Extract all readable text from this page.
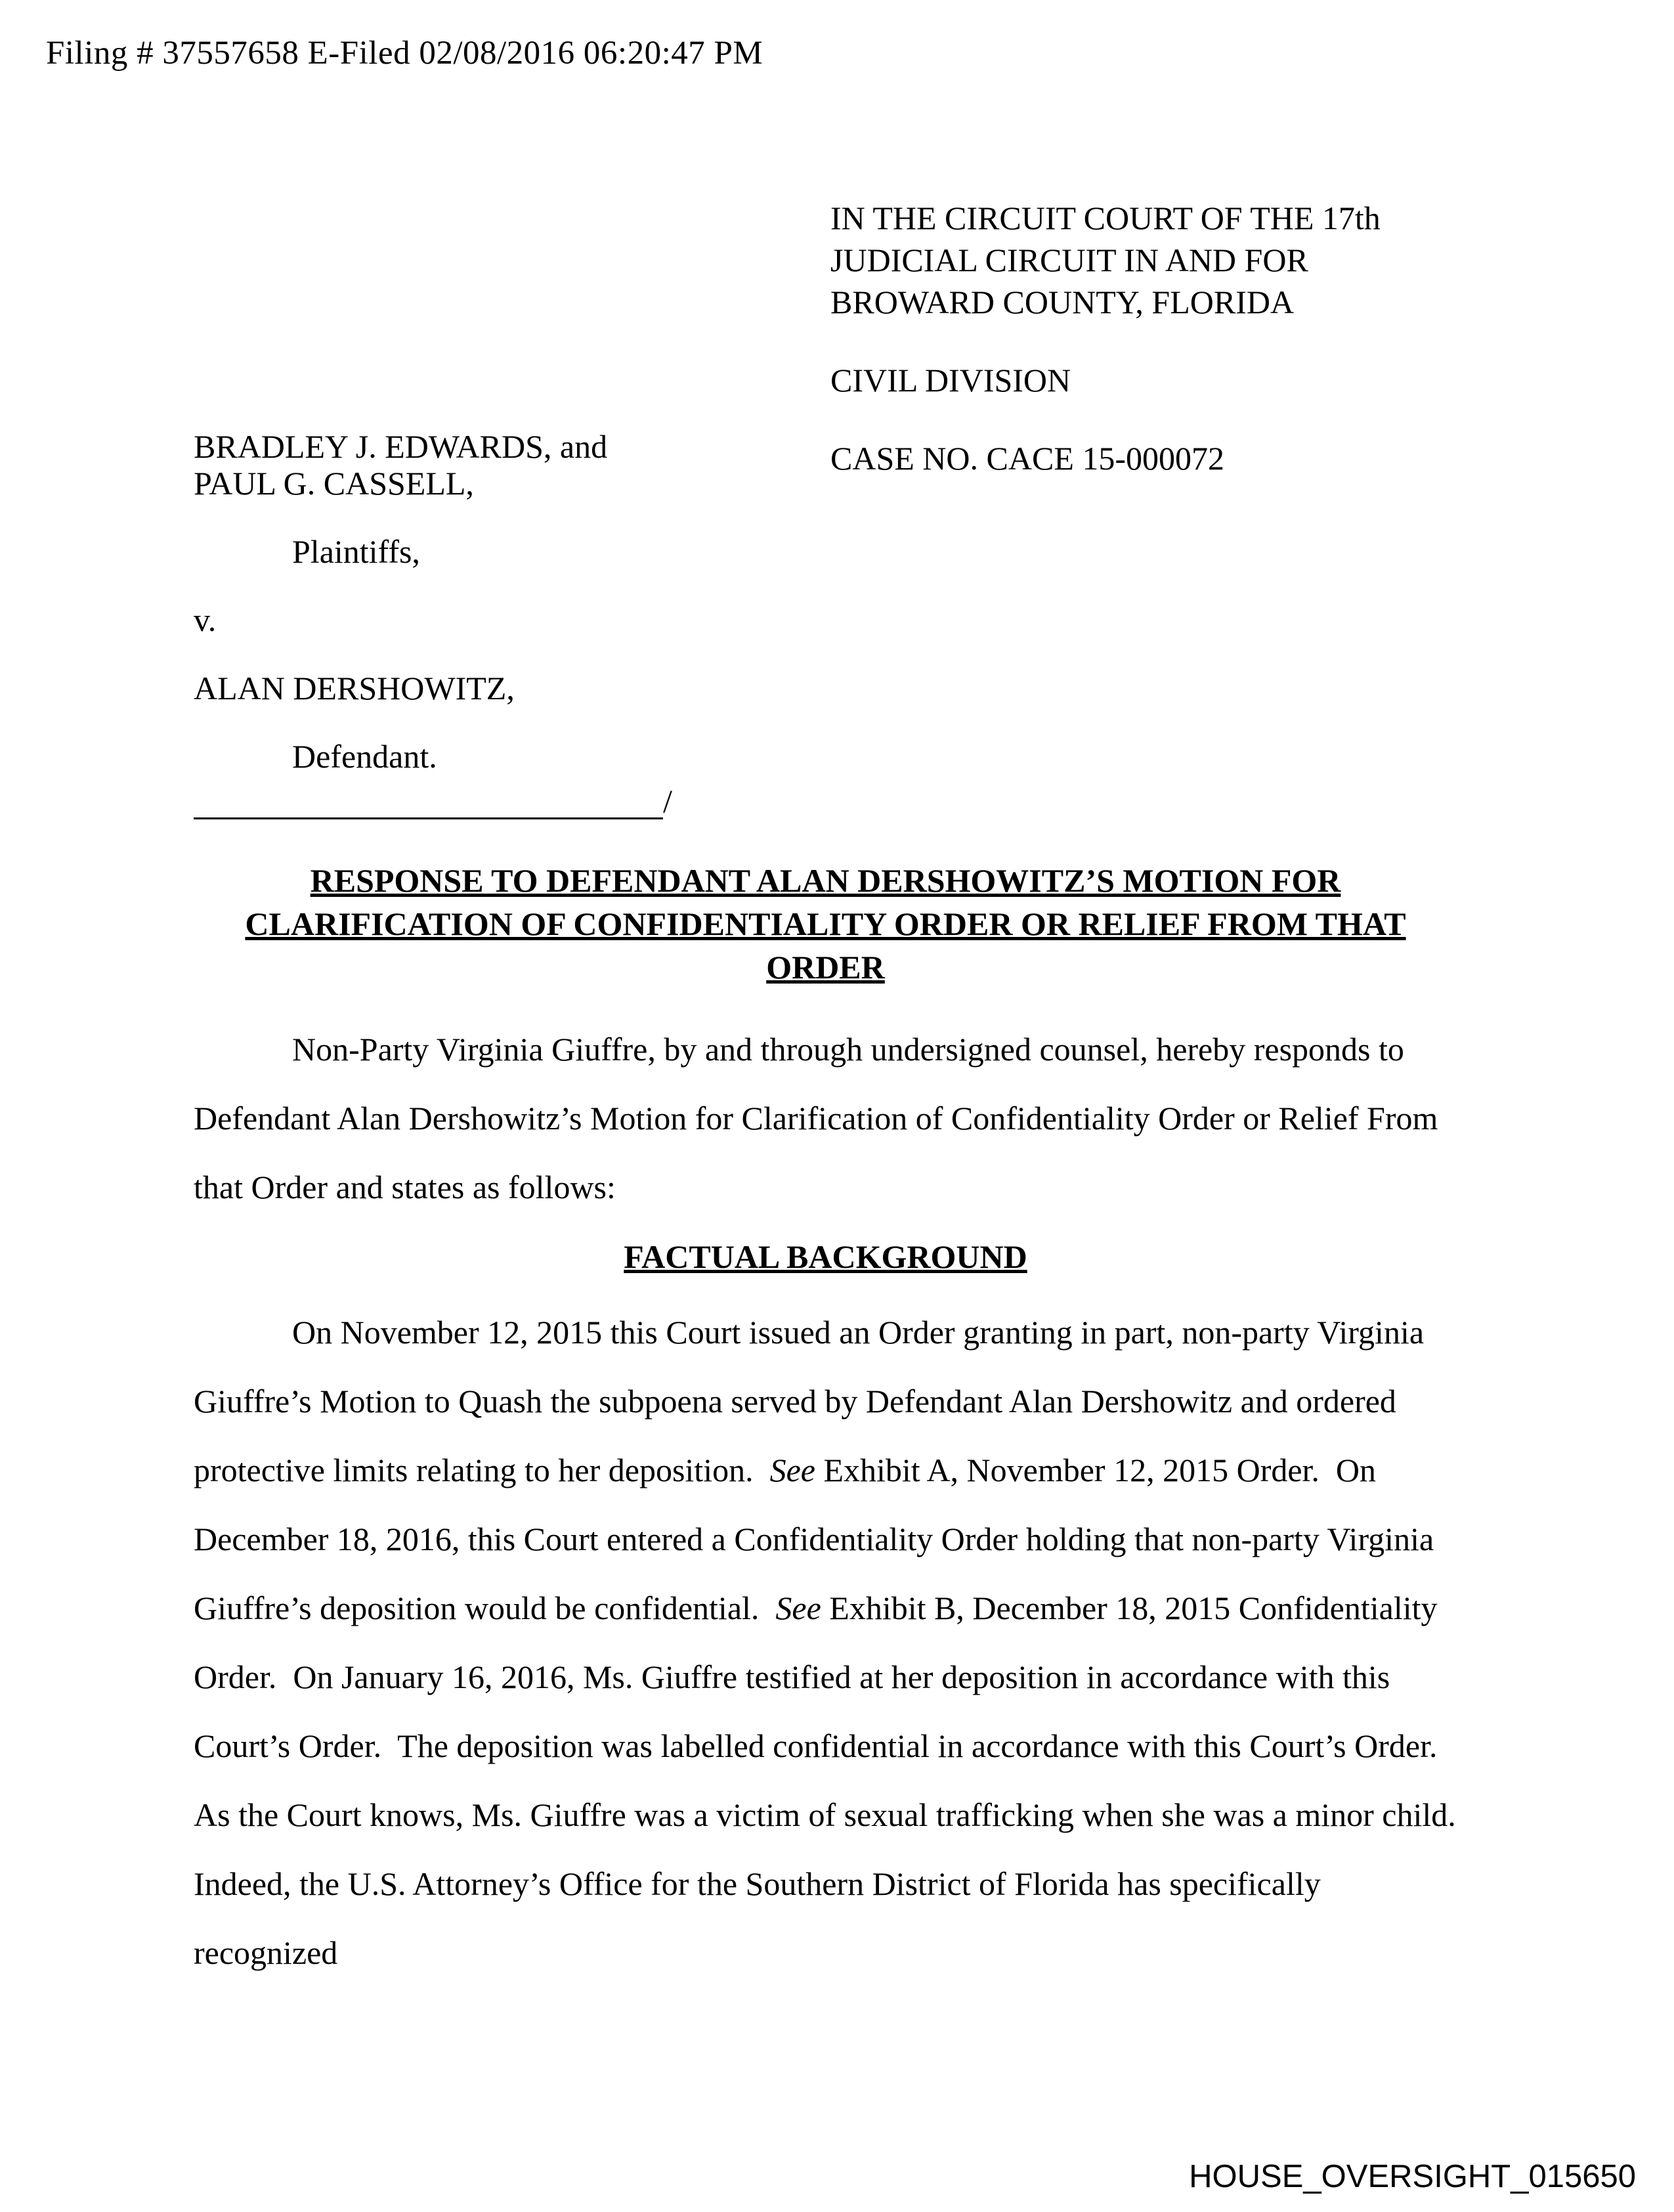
Filing # 37557658 E-Filed 02/08/2016 06:20:47 PM
BRADLEY J. EDWARDS, and
PAUL G. CASSELL,
Plaintiffs,
v.
ALAN DERSHOWITZ,
Defendant.
/
IN THE CIRCUIT COURT OF THE 17th
JUDICIAL CIRCUIT IN AND FOR
BROWARD COUNTY, FLORIDA
CIVIL DIVISION
CASE NO. CACE 15-000072
RESPONSE TO DEFENDANT ALAN DERSHOWITZ’S MOTION FOR
CLARIFICATION OF CONFIDENTIALITY ORDER OR RELIEF FROM THAT ORDER

Non-Party Virginia Giuffre, by and through undersigned counsel, hereby responds to Defendant Alan Dershowitz’s Motion for Clarification of Confidentiality Order or Relief From that Order and states as follows:

FACTUAL BACKGROUND

On November 12, 2015 this Court issued an Order granting in part, non-party Virginia Giuffre’s Motion to Quash the subpoena served by Defendant Alan Dershowitz and ordered protective limits relating to her deposition.  See Exhibit A, November 12, 2015 Order.  On December 18, 2016, this Court entered a Confidentiality Order holding that non-party Virginia Giuffre’s deposition would be confidential.  See Exhibit B, December 18, 2015 Confidentiality Order.  On January 16, 2016, Ms. Giuffre testified at her deposition in accordance with this Court’s Order.  The deposition was labelled confidential in accordance with this Court’s Order.  As the Court knows, Ms. Giuffre was a victim of sexual trafficking when she was a minor child.  Indeed, the U.S. Attorney’s Office for the Southern District of Florida has specifically recognized

HOUSE_OVERSIGHT_015650
